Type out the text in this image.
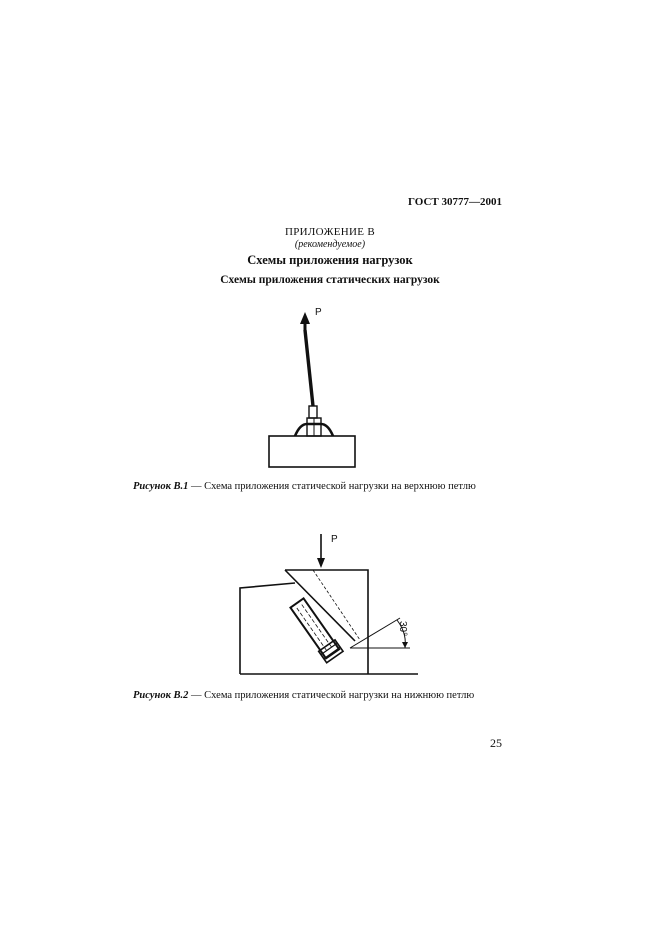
ГОСТ 30777—2001
ПРИЛОЖЕНИЕ В
(рекомендуемое)
Схемы приложения нагрузок
Схемы приложения статических нагрузок
Р
Рисунок В.1 — Схема приложения статической нагрузки на верхнюю петлю
30°
Р
Рисунок В.2 — Схема приложения статической нагрузки на нижнюю петлю
25
